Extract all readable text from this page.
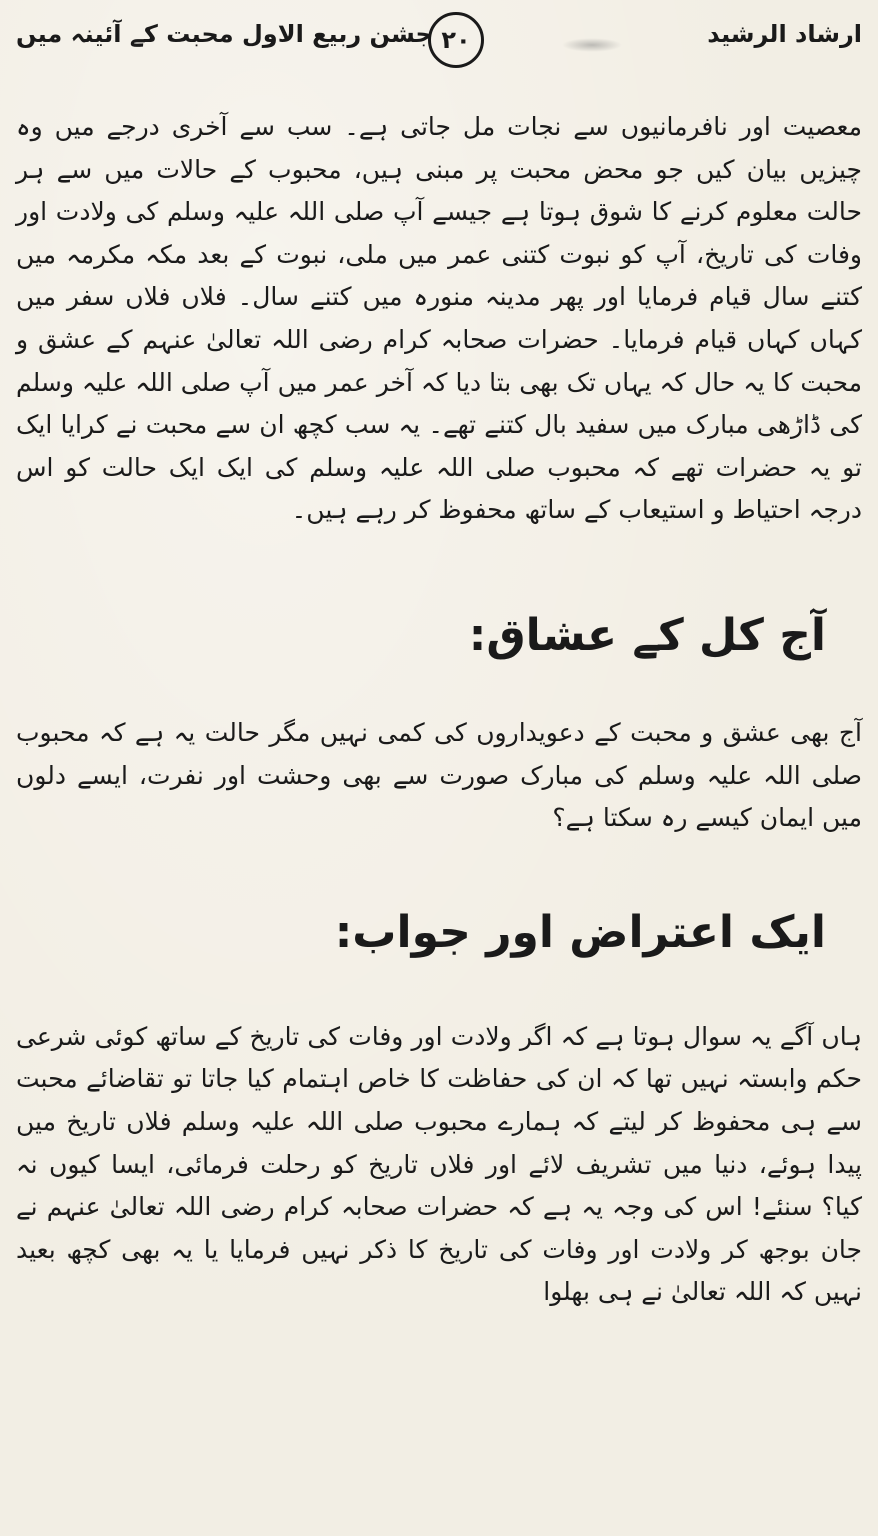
ارشاد الرشید
۲۰
جشن ربیع الاول محبت کے آئینہ میں

معصیت اور نافرمانیوں سے نجات مل جاتی ہے۔ سب سے آخری درجے میں وہ چیزیں بیان کیں جو محض محبت پر مبنی ہیں، محبوب کے حالات میں سے ہر حالت معلوم کرنے کا شوق ہوتا ہے جیسے آپ صلی اللہ علیہ وسلم کی ولادت اور وفات کی تاریخ، آپ کو نبوت کتنی عمر میں ملی، نبوت کے بعد مکہ مکرمہ میں کتنے سال قیام فرمایا اور پھر مدینہ منورہ میں کتنے سال۔ فلاں فلاں سفر میں کہاں کہاں قیام فرمایا۔ حضرات صحابہ کرام رضی اللہ تعالیٰ عنہم کے عشق و محبت کا یہ حال کہ یہاں تک بھی بتا دیا کہ آخر عمر میں آپ صلی اللہ علیہ وسلم کی ڈاڑھی مبارک میں سفید بال کتنے تھے۔ یہ سب کچھ ان سے محبت نے کرایا ایک تو یہ حضرات تھے کہ محبوب صلی اللہ علیہ وسلم کی ایک ایک حالت کو اس درجہ احتیاط و استیعاب کے ساتھ محفوظ کر رہے ہیں۔

آج کل کے عشاق:

آج بھی عشق و محبت کے دعویداروں کی کمی نہیں مگر حالت یہ ہے کہ محبوب صلی اللہ علیہ وسلم کی مبارک صورت سے بھی وحشت اور نفرت، ایسے دلوں میں ایمان کیسے رہ سکتا ہے؟

ایک اعتراض اور جواب:

ہاں آگے یہ سوال ہوتا ہے کہ اگر ولادت اور وفات کی تاریخ کے ساتھ کوئی شرعی حکم وابستہ نہیں تھا کہ ان کی حفاظت کا خاص اہتمام کیا جاتا تو تقاضائے محبت سے ہی محفوظ کر لیتے کہ ہمارے محبوب صلی اللہ علیہ وسلم فلاں تاریخ میں پیدا ہوئے، دنیا میں تشریف لائے اور فلاں تاریخ کو رحلت فرمائی، ایسا کیوں نہ کیا؟ سنئے! اس کی وجہ یہ ہے کہ حضرات صحابہ کرام رضی اللہ تعالیٰ عنہم نے جان بوجھ کر ولادت اور وفات کی تاریخ کا ذکر نہیں فرمایا یا یہ بھی کچھ بعید نہیں کہ اللہ تعالیٰ نے ہی بھلوا
